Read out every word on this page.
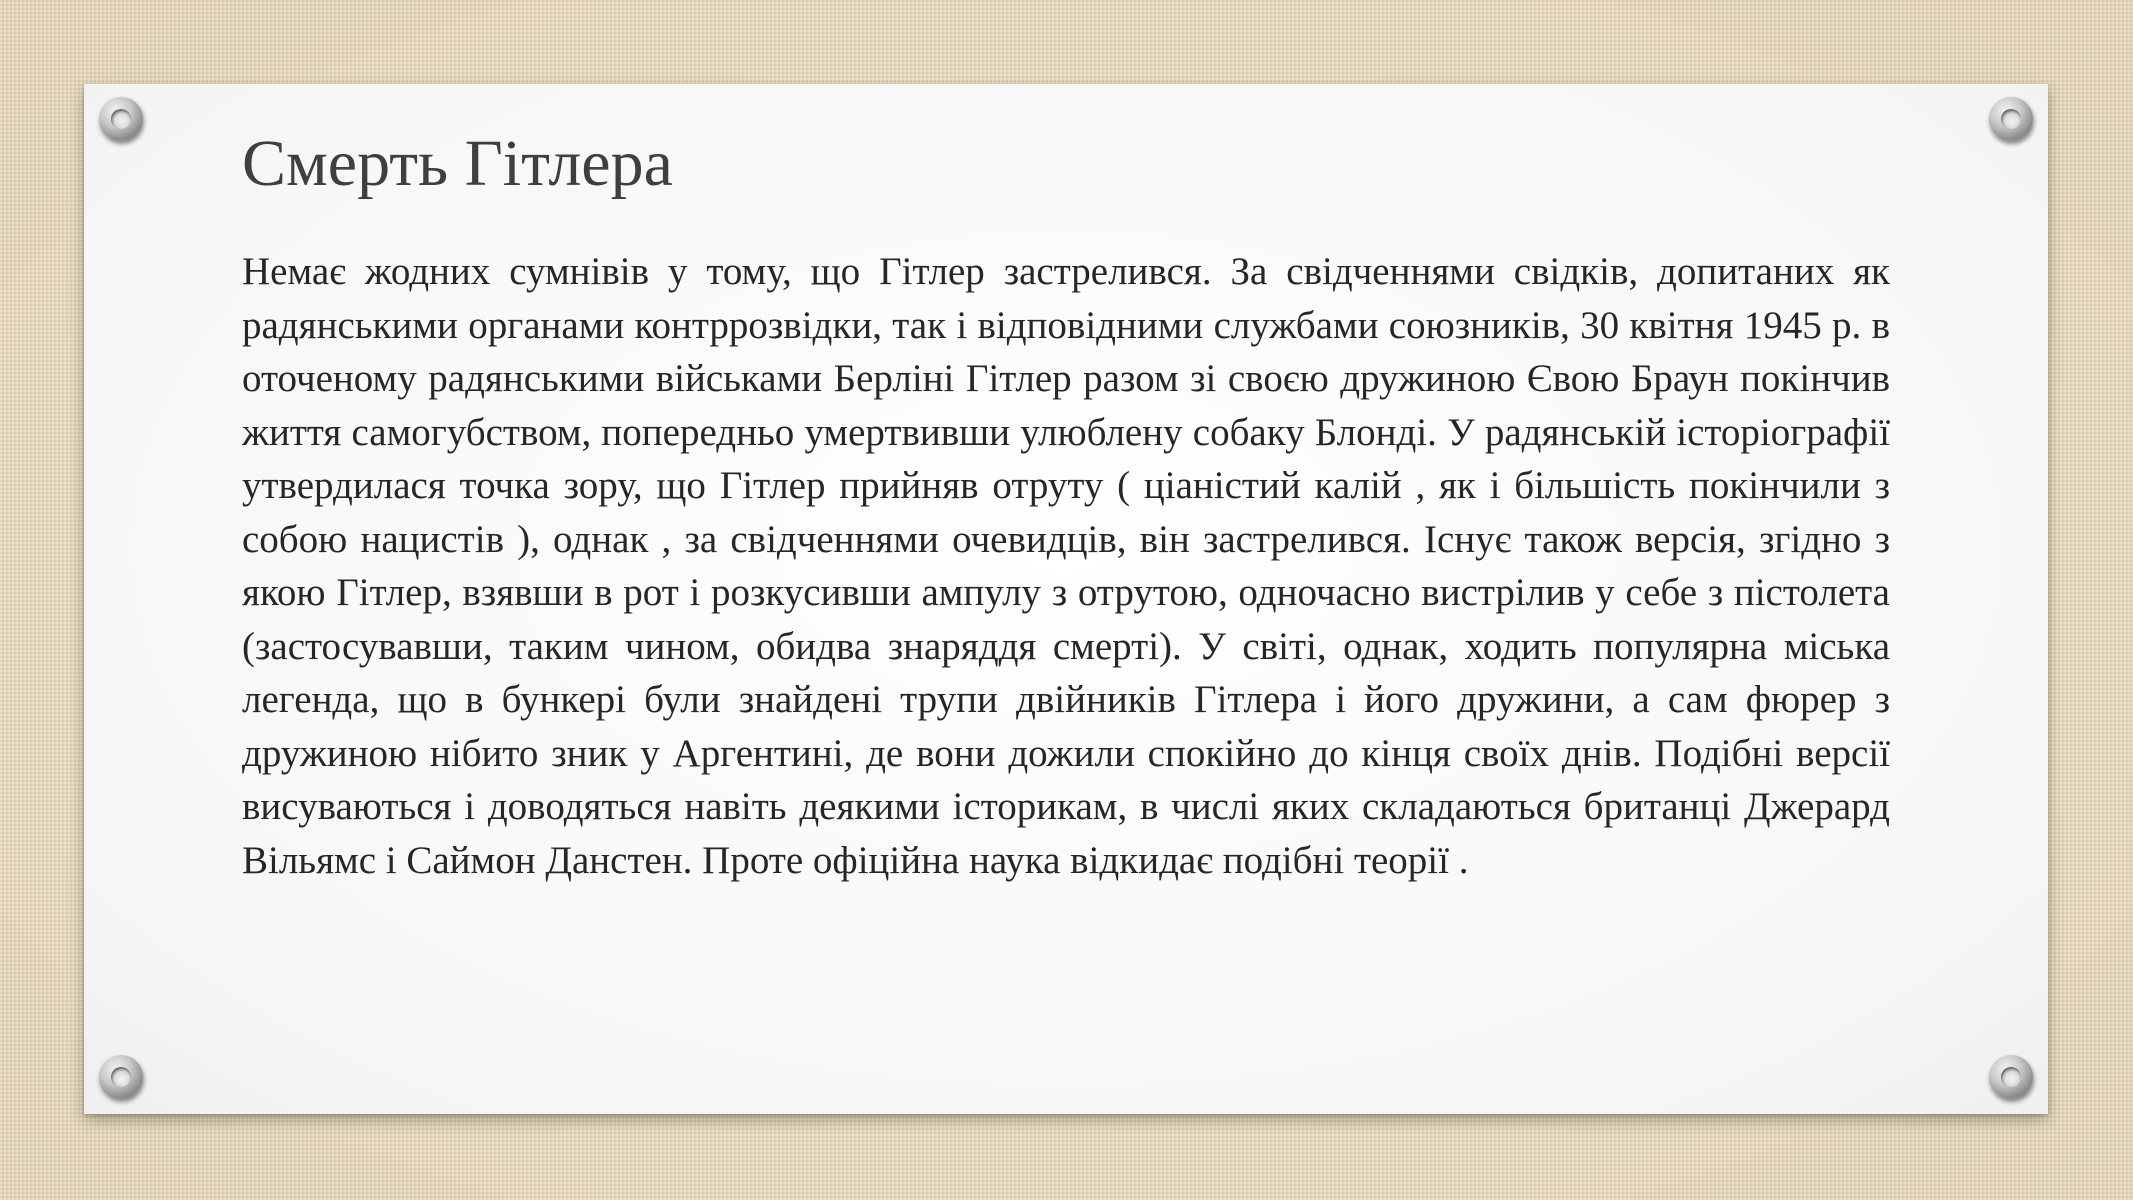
Смерть Гітлера

Немає жодних сумнівів у тому, що Гітлер застрелився. За свідченнями свідків, допитаних як радянськими органами контррозвідки, так і відповідними службами союзників, 30 квітня 1945 р. в оточеному радянськими військами Берліні Гітлер разом зі своєю дружиною Євою Браун покінчив життя самогубством, попередньо умертвивши улюблену собаку Блонді. У радянській історіографії утвердилася точка зору, що Гітлер прийняв отруту ( ціаністий калій , як і більшість покінчили з собою нацистів ), однак , за свідченнями очевидців, він застрелився. Існує також версія, згідно з якою Гітлер, взявши в рот і розкусивши ампулу з отрутою, одночасно вистрілив у себе з пістолета (застосувавши, таким чином, обидва знаряддя смерті). У світі, однак, ходить популярна міська легенда, що в бункері були знайдені трупи двійників Гітлера і його дружини, а сам фюрер з дружиною нібито зник у Аргентині, де вони дожили спокійно до кінця своїх днів. Подібні версії висуваються і доводяться навіть деякими історикам, в числі яких складаються британці Джерард Вільямс і Саймон Данстен. Проте офіційна наука відкидає подібні теорії .
